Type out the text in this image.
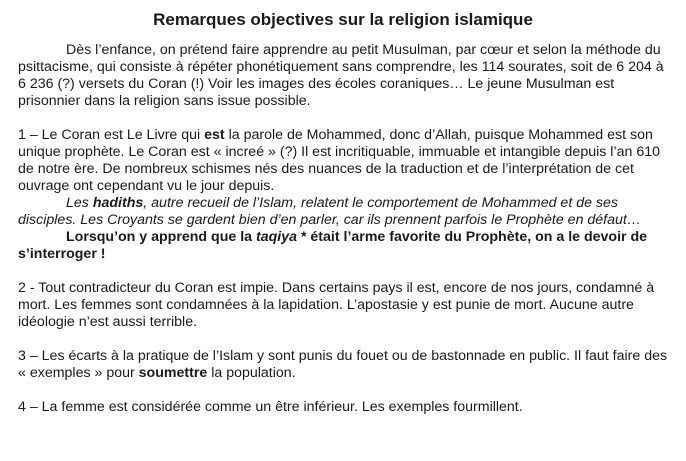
Remarques objectives sur la religion islamique

Dès l’enfance, on prétend faire apprendre au petit Musulman, par cœur et selon la méthode du psittacisme, qui consiste à répéter phonétiquement sans comprendre, les 114 sourates, soit de 6 204 à 6 236 (?) versets du Coran (!) Voir les images des écoles coraniques… Le jeune Musulman est prisonnier dans la religion sans issue possible.

1 – Le Coran est Le Livre qui est la parole de Mohammed, donc d’Allah, puisque Mohammed est son unique prophète. Le Coran est « increé » (?) Il est incritiquable, immuable et intangible depuis l’an 610 de notre ère. De nombreux schismes nés des nuances de la traduction et de l’interprétation de cet ouvrage ont cependant vu le jour depuis.

Les hadiths, autre recueil de l’Islam, relatent le comportement de Mohammed et de ses disciples. Les Croyants se gardent bien d’en parler, car ils prennent parfois le Prophète en défaut…

Lorsqu’on y apprend que la taqiya * était l’arme favorite du Prophète, on a le devoir de s’interroger !

2 - Tout contradicteur du Coran est impie. Dans certains pays il est, encore de nos jours, condamné à mort. Les femmes sont condamnées à la lapidation. L’apostasie y est punie de mort. Aucune autre idéologie n’est aussi terrible.

3 – Les écarts à la pratique de l’Islam y sont punis du fouet ou de bastonnade en public. Il faut faire des « exemples » pour soumettre la population.

4 – La femme est considérée comme un être inférieur. Les exemples fourmillent.
